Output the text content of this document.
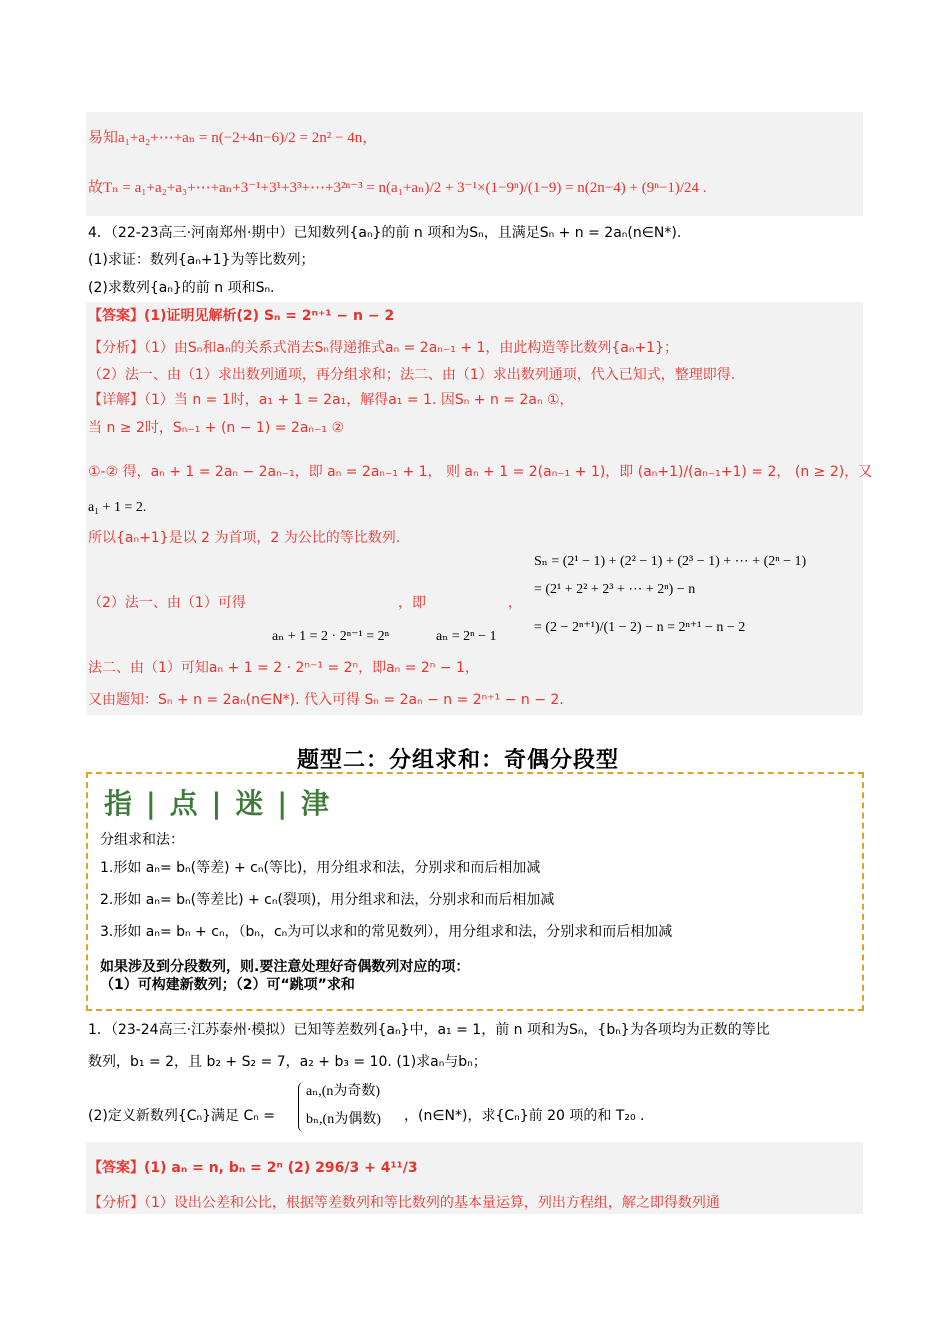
易知a₁+a₂+⋯+aₙ = n(−2+4n−6)/2 = 2n² − 4n，
故Tₙ = a₁+a₂+a₃+⋯+aₙ+3⁻¹+3¹+3³+⋯+3²ⁿ⁻³ = n(a₁+aₙ)/2 + 3⁻¹×(1−9ⁿ)/(1−9) = n(2n−4) + (9ⁿ−1)/24 .
4．（22-23高三·河南郑州·期中）已知数列{aₙ}的前 n 项和为Sₙ，且满足Sₙ + n = 2aₙ(n∈N*).
(1)求证：数列{aₙ+1}为等比数列；
(2)求数列{aₙ}的前 n 项和Sₙ.
【答案】(1)证明见解析(2) Sₙ = 2ⁿ⁺¹ − n − 2
【分析】（1）由Sₙ和aₙ的关系式消去Sₙ得递推式aₙ = 2aₙ₋₁ + 1，由此构造等比数列{aₙ+1}；
（2）法一、由（1）求出数列通项，再分组求和；法二、由（1）求出数列通项，代入已知式，整理即得.
【详解】（1）当 n = 1时，a₁ + 1 = 2a₁，解得a₁ = 1. 因Sₙ + n = 2aₙ ①，
当 n ≥ 2时，Sₙ₋₁ + (n − 1) = 2aₙ₋₁ ②
①-② 得，aₙ + 1 = 2aₙ − 2aₙ₋₁，即 aₙ = 2aₙ₋₁ + 1， 则 aₙ + 1 = 2(aₙ₋₁ + 1)，即 (aₙ+1)/(aₙ₋₁+1) = 2， (n ≥ 2)，又
a₁ + 1 = 2.
所以{aₙ+1}是以 2 为首项，2 为公比的等比数列.
Sₙ = (2¹ − 1) + (2² − 1) + (2³ − 1) + ⋯ + (2ⁿ − 1)
= (2¹ + 2² + 2³ + ⋯ + 2ⁿ) − n
（2）法一、由（1）可得	，即	，
= (2 − 2ⁿ⁺¹)/(1 − 2) − n = 2ⁿ⁺¹ − n − 2
aₙ + 1 = 2 · 2ⁿ⁻¹ = 2ⁿ	aₙ = 2ⁿ − 1
法二、由（1）可知aₙ + 1 = 2 · 2ⁿ⁻¹ = 2ⁿ，即aₙ = 2ⁿ − 1，
又由题知：Sₙ + n = 2aₙ(n∈N*). 代入可得 Sₙ = 2aₙ − n = 2ⁿ⁺¹ − n − 2.
题型二：分组求和：奇偶分段型
指 | 点 | 迷 | 津
分组求和法：
1.形如 aₙ= bₙ(等差) + cₙ(等比)，用分组求和法，分别求和而后相加减
2.形如 aₙ= bₙ(等差比) + cₙ(裂项)，用分组求和法，分别求和而后相加减
3.形如 aₙ= bₙ + cₙ，（bₙ，cₙ为可以求和的常见数列），用分组求和法，分别求和而后相加减
如果涉及到分段数列，则.要注意处理好奇偶数列对应的项：
（1）可构建新数列；（2）可“跳项”求和
1．（23-24高三·江苏泰州·模拟）已知等差数列{aₙ}中，a₁ = 1，前 n 项和为Sₙ，{bₙ}为各项均为正数的等比
数列，b₁ = 2，且 b₂ + S₂ = 7，a₂ + b₃ = 10. (1)求aₙ与bₙ；
(2)定义新数列{Cₙ}满足 Cₙ =
aₙ,(n为奇数)
bₙ,(n为偶数) ，(n∈N*)，求{Cₙ}前 20 项的和 T₂₀ .
【答案】(1) aₙ = n, bₙ = 2ⁿ (2) 296/3 + 4¹¹/3
【分析】（1）设出公差和公比，根据等差数列和等比数列的基本量运算，列出方程组，解之即得数列通
